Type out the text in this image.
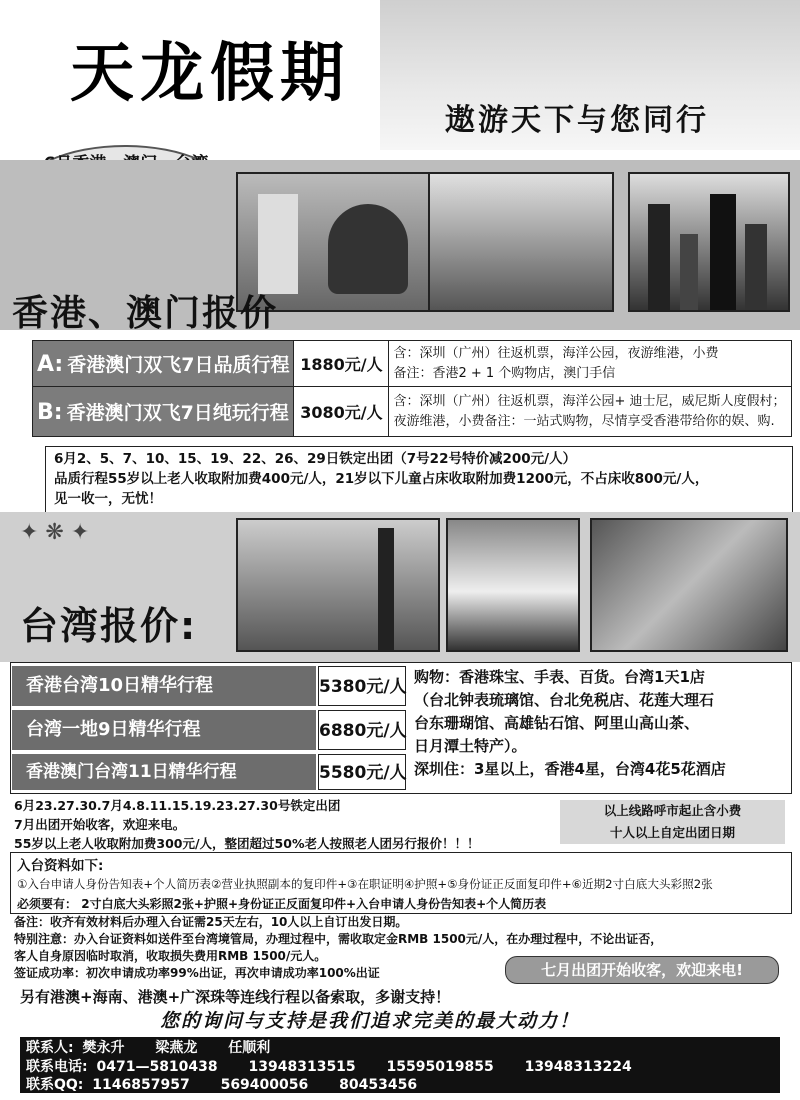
天龙假期
遨游天下与您同行
香港、澳门报价
A: 香港澳门双飞7日品质行程	1880元/人	含：深圳（广州）往返机票，海洋公园，夜游维港，小费
备注：香港2 + 1 个购物店，澳门手信

B: 香港澳门双飞7日纯玩行程	3080元/人	含：深圳（广州）往返机票，海洋公园+ 迪士尼，威尼斯人度假村；
夜游维港，小费备注：一站式购物，尽情享受香港带给你的娱、购.
6月2、5、7、10、15、19、22、26、29日铁定出团（7号22号特价减200元/人）
品质行程55岁以上老人收取附加费400元/人，21岁以下儿童占床收取附加费1200元，不占床收800元/人，
见一收一，无忧！
✦ ❋ ✦
台湾报价:
香港台湾10日精华行程	5380元/人
台湾一地9日精华行程	6880元/人
香港澳门台湾11日精华行程	5580元/人
购物：香港珠宝、手表、百货。台湾1天1店
（台北钟表琉璃馆、台北免税店、花莲大理石
台东珊瑚馆、高雄钻石馆、阿里山高山茶、
日月潭土特产）。
深圳住：3星以上，香港4星，台湾4花5花酒店
6月23.27.30.7月4.8.11.15.19.23.27.30号铁定出团
7月出团开始收客，欢迎来电。
55岁以上老人收取附加费300元/人，整团超过50%老人按照老人团另行报价！！！
以上线路呼市起止含小费
十人以上自定出团日期
入台资料如下:
①入台申请人身份告知表+个人简历表②营业执照副本的复印件+③在职证明④护照+⑤身份证正反面复印件+⑥近期2寸白底大头彩照2张
必须要有： 2寸白底大头彩照2张+护照+身份证正反面复印件+入台申请人身份告知表+个人简历表
备注：收齐有效材料后办理入台证需25天左右，10人以上自订出发日期。
特别注意：办入台证资料如送件至台湾境管局，办理过程中，需收取定金RMB 1500元/人，在办理过程中，不论出证否，
客人自身原因临时取消，收取损失费用RMB 1500/元人。
签证成功率：初次申请成功率99%出证，再次申请成功率100%出证	七月出团开始收客，欢迎来电!
另有港澳+海南、港澳+广深珠等连线行程以备索取，多谢支持！
您的询问与支持是我们追求完美的最大动力！
联系人: 樊永升 梁燕龙 任顺利
联系电话: 0471—5810438 13948313515 15595019855 13948313224
联系QQ: 1146857957 569400056 80453456
